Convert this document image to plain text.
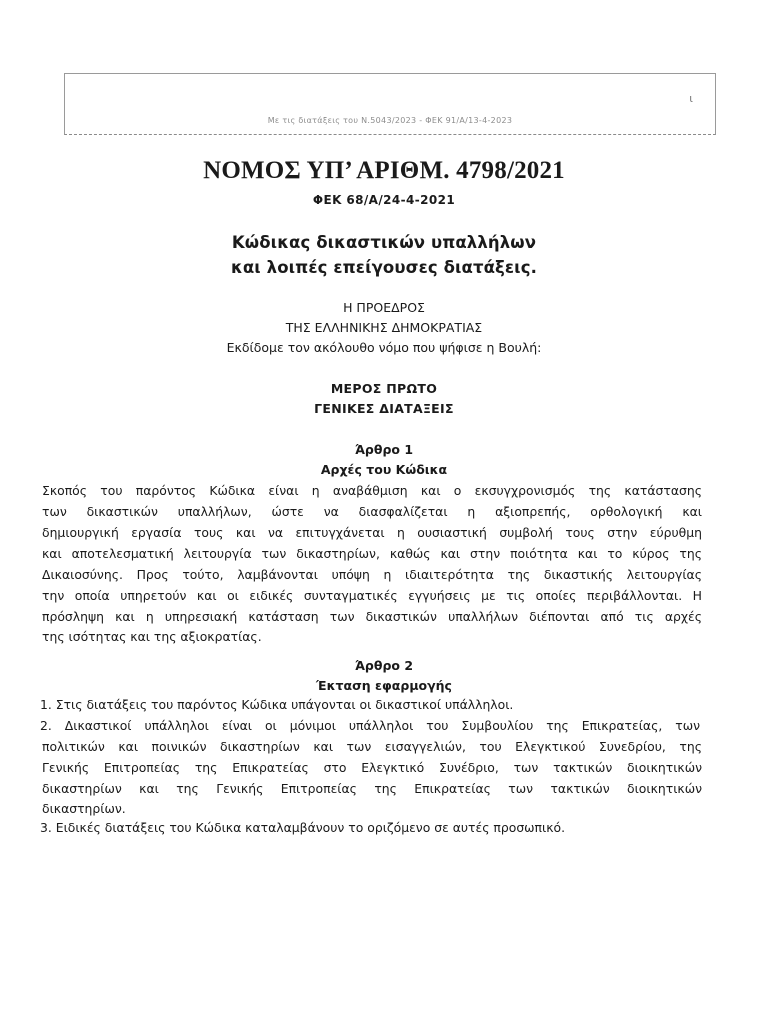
ι
Με τις διατάξεις του Ν.5043/2023 - ΦΕΚ 91/Α/13-4-2023
ΝΟΜΟΣ ΥΠ’ ΑΡΙΘΜ. 4798/2021
ΦΕΚ 68/Α/24-4-2021
Κώδικας δικαστικών υπαλλήλων
και λοιπές επείγουσες διατάξεις.
Η ΠΡΟΕΔΡΟΣ
ΤΗΣ ΕΛΛΗΝΙΚΗΣ ΔΗΜΟΚΡΑΤΙΑΣ
Εκδίδομε τον ακόλουθο νόμο που ψήφισε η Βουλή:
ΜΕΡΟΣ ΠΡΩΤΟ
ΓΕΝΙΚΕΣ ΔΙΑΤΑΞΕΙΣ
Άρθρο 1
Αρχές του Κώδικα
Σκοπός του παρόντος Κώδικα είναι η αναβάθμιση και ο εκσυγχρονισμός της κατάστασης
των δικαστικών υπαλλήλων, ώστε να διασφαλίζεται η αξιοπρεπής, ορθολογική και
δημιουργική εργασία τους και να επιτυγχάνεται η ουσιαστική συμβολή τους στην εύρυθμη
και αποτελεσματική λειτουργία των δικαστηρίων, καθώς και στην ποιότητα και το κύρος της
Δικαιοσύνης. Προς τούτο, λαμβάνονται υπόψη η ιδιαιτερότητα της δικαστικής λειτουργίας
την οποία υπηρετούν και οι ειδικές συνταγματικές εγγυήσεις με τις οποίες περιβάλλονται. Η
πρόσληψη και η υπηρεσιακή κατάσταση των δικαστικών υπαλλήλων διέπονται από τις αρχές
της ισότητας και της αξιοκρατίας.
Άρθρο 2
Έκταση εφαρμογής
1. Στις διατάξεις του παρόντος Κώδικα υπάγονται οι δικαστικοί υπάλληλοι.
2. Δικαστικοί υπάλληλοι είναι οι μόνιμοι υπάλληλοι του Συμβουλίου της Επικρατείας, των
πολιτικών και ποινικών δικαστηρίων και των εισαγγελιών, του Ελεγκτικού Συνεδρίου, της
Γενικής Επιτροπείας της Επικρατείας στο Ελεγκτικό Συνέδριο, των τακτικών διοικητικών
δικαστηρίων και της Γενικής Επιτροπείας της Επικρατείας των τακτικών διοικητικών
δικαστηρίων.
3. Ειδικές διατάξεις του Κώδικα καταλαμβάνουν το οριζόμενο σε αυτές προσωπικό.
